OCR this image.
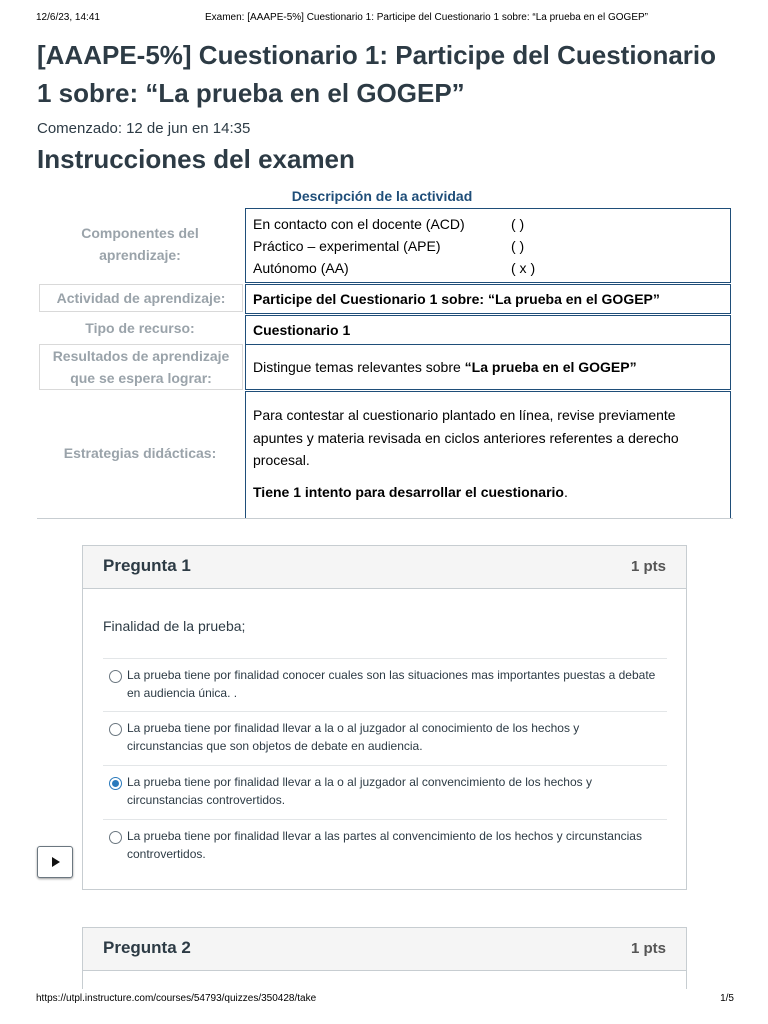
12/6/23, 14:41	Examen: [AAAPE-5%] Cuestionario 1: Participe del Cuestionario 1 sobre: “La prueba en el GOGEP”
[AAAPE-5%] Cuestionario 1: Participe del Cuestionario 1 sobre: “La prueba en el GOGEP”
Comenzado: 12 de jun en 14:35
Instrucciones del examen
Descripción de la actividad
Componentes del aprendizaje:
En contacto con el docente (ACD)	( )
Práctico – experimental (APE)	( )
Autónomo (AA)	( x )
Actividad de aprendizaje:	Participe del Cuestionario 1 sobre: “La prueba en el GOGEP”
Tipo de recurso:	Cuestionario 1
Resultados de aprendizaje que se espera lograr:
Distingue temas relevantes sobre “La prueba en el GOGEP”
Estrategias didácticas:
Para contestar al cuestionario plantado en línea, revise previamente apuntes y materia revisada en ciclos anteriores referentes a derecho procesal.
Tiene 1 intento para desarrollar el cuestionario.
Pregunta 1	1 pts
Finalidad de la prueba;
La prueba tiene por finalidad conocer cuales son las situaciones mas importantes puestas a debate en audiencia única. .
La prueba tiene por finalidad llevar a la o al juzgador al conocimiento de los hechos y circunstancias que son objetos de debate en audiencia.
La prueba tiene por finalidad llevar a la o al juzgador al convencimiento de los hechos y circunstancias controvertidos.
La prueba tiene por finalidad llevar a las partes al convencimiento de los hechos y circunstancias controvertidos.
Pregunta 2	1 pts
https://utpl.instructure.com/courses/54793/quizzes/350428/take	1/5
